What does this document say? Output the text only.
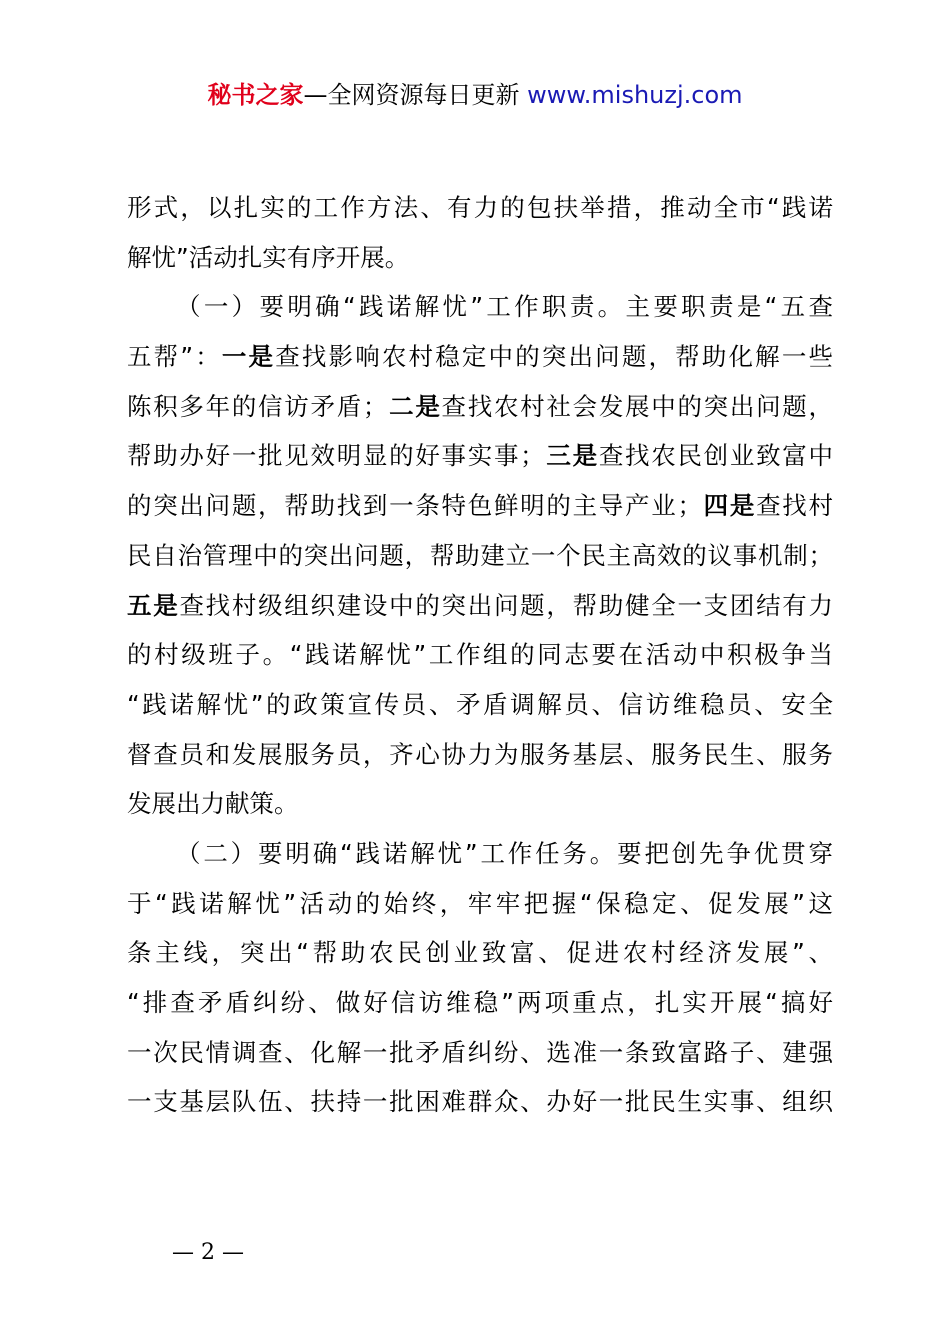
秘书之家—全网资源每日更新 www.mishuzj.com
形式，以扎实的工作方法、有力的包扶举措，推动全市“践诺
解忧”活动扎实有序开展。
（一）要明确“践诺解忧”工作职责。主要职责是“五查
五帮”：一是查找影响农村稳定中的突出问题，帮助化解一些
陈积多年的信访矛盾；二是查找农村社会发展中的突出问题，
帮助办好一批见效明显的好事实事；三是查找农民创业致富中
的突出问题，帮助找到一条特色鲜明的主导产业；四是查找村
民自治管理中的突出问题，帮助建立一个民主高效的议事机制；
五是查找村级组织建设中的突出问题，帮助健全一支团结有力
的村级班子。“践诺解忧”工作组的同志要在活动中积极争当
“践诺解忧”的政策宣传员、矛盾调解员、信访维稳员、安全
督查员和发展服务员，齐心协力为服务基层、服务民生、服务
发展出力献策。
（二）要明确“践诺解忧”工作任务。要把创先争优贯穿
于“践诺解忧”活动的始终，牢牢把握“保稳定、促发展”这
条主线，突出“帮助农民创业致富、促进农村经济发展”、
“排查矛盾纠纷、做好信访维稳”两项重点，扎实开展“搞好
一次民情调查、化解一批矛盾纠纷、选准一条致富路子、建强
一支基层队伍、扶持一批困难群众、办好一批民生实事、组织
— 2 —
